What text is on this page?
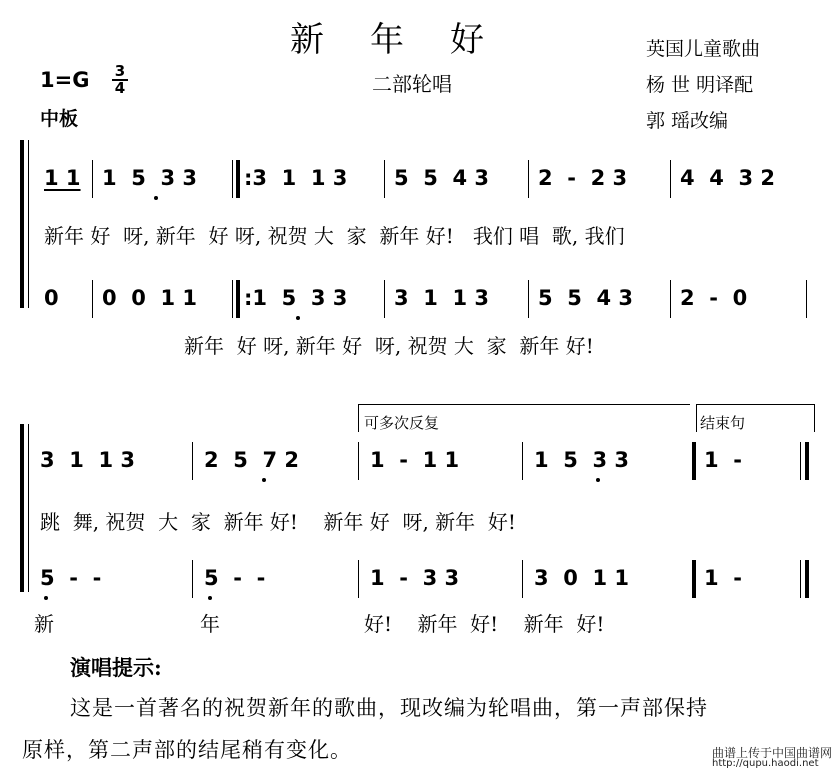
新年好
二部轮唱
英国儿童歌曲
杨 世 明译配
郭 瑶改编
1=G 3
4
中板
1 1 1  5  3 3 :3  1  1 3 5  5  4 3 2  -  2 3	4  4  3 2
新年 好  呀, 新年  好 呀, 祝贺 大  家  新年 好!   我们 唱  歌, 我们
0 0  0  1 1 :1  5  3 3 3  1  1 3 5  5  4 3 2  -  0
新年  好 呀, 新年 好  呀, 祝贺 大  家  新年 好!
可多次反复	结束句
3  1  1 3	2  5  7 2	1  -  1 1	1  5  3 3	1  -
跳  舞, 祝贺  大  家  新年 好!    新年 好  呀, 新年  好!
5  -  -	5  -  -	1  -  3 3	3  0  1 1	1  -
新	年	好!    新年  好!    新年  好!
演唱提示:
这是一首著名的祝贺新年的歌曲，现改编为轮唱曲，第一声部保持
原样，第二声部的结尾稍有变化。	曲谱上传于中国曲谱网
http://qupu.haodi.net
